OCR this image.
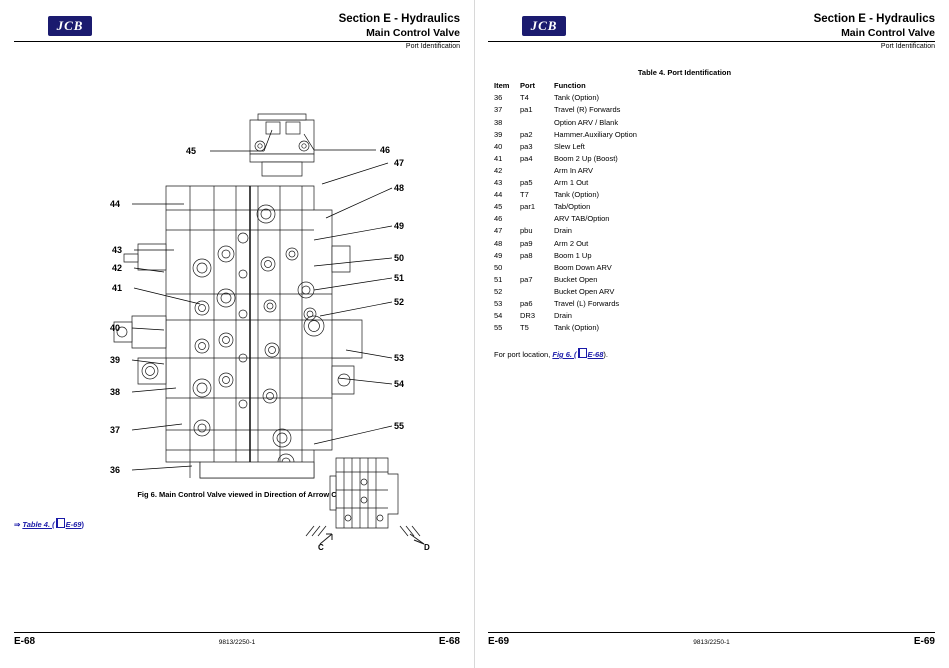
JCB	Section E - Hydraulics
Main Control Valve
Port Identification
45	46
47
44
48
49
43
42
50
41
51
52
40
53
39
54
38
37	55
36
C	D
Fig 6. Main Control Valve viewed in Direction of Arrow C
⇒ Table 4. ( E-69)
E-68	9813/2250-1	E-68
JCB	Section E - Hydraulics
Main Control Valve
Port Identification
Table 4. Port Identification
Item	Port	Function
36	T4	Tank (Option)
37	pa1	Travel (R) Forwards
38		Option ARV / Blank
39	pa2	Hammer.Auxiliary Option
40	pa3	Slew Left
41	pa4	Boom 2 Up (Boost)
42		Arm In ARV
43	pa5	Arm 1 Out
44	T7	Tank (Option)
45	par1	Tab/Option
46		ARV TAB/Option
47	pbu	Drain
48	pa9	Arm 2 Out
49	pa8	Boom 1 Up
50		Boom Down ARV
51	pa7	Bucket Open
52		Bucket Open ARV
53	pa6	Travel (L) Forwards
54	DR3	Drain
55	T5	Tank (Option)
For port location, Fig 6. ( E-68).
E-69	9813/2250-1	E-69
